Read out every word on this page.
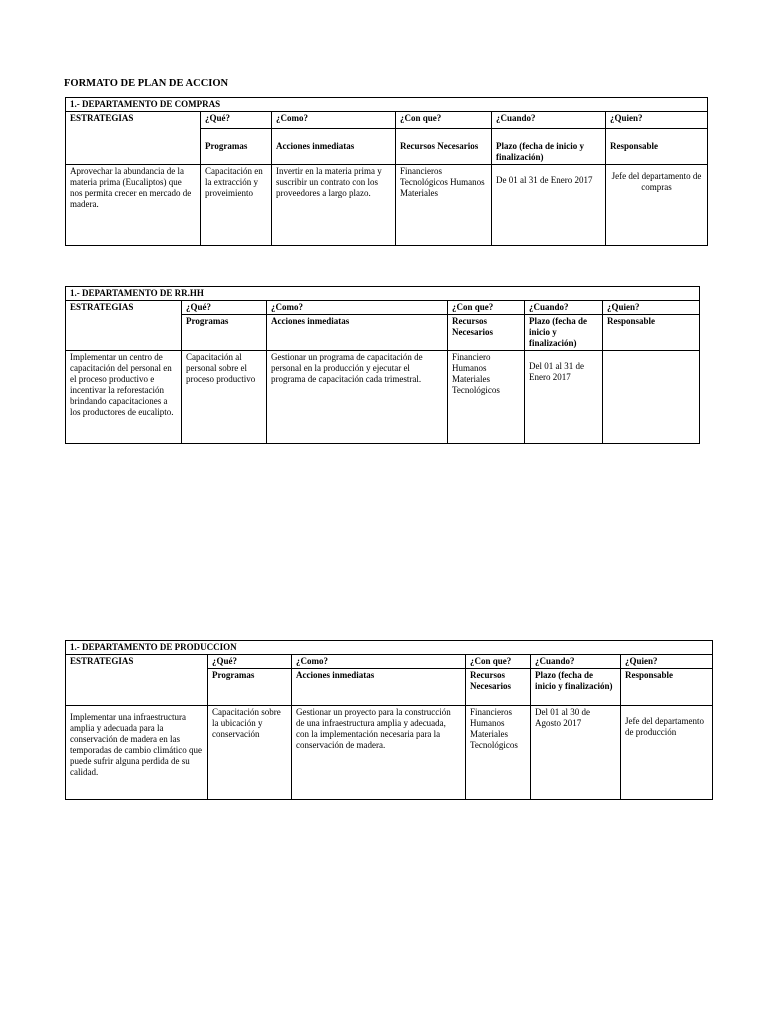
FORMATO DE PLAN DE ACCION
1.- DEPARTAMENTO DE COMPRAS					
ESTRATEGIAS	¿Qué?	¿Como?	¿Con que?	¿Cuando?	¿Quien?
	Programas	Acciones inmediatas	Recursos Necesarios	Plazo (fecha de inicio y finalización)	Responsable
Aprovechar la abundancia de la materia prima (Eucaliptos) que nos permita crecer en mercado de madera.	Capacitación en la extracción y proveimiento	Invertir en la materia prima y suscribir un contrato con los proveedores a largo plazo.	Financieros Tecnológicos Humanos Materiales	De 01 al 31 de Enero 2017	Jefe del departamento de compras
1.- DEPARTAMENTO DE RR.HH					
ESTRATEGIAS	¿Qué?	¿Como?	¿Con que?	¿Cuando?	¿Quien?
	Programas	Acciones inmediatas	Recursos Necesarios	Plazo (fecha de inicio y finalización)	Responsable
Implementar un centro de capacitación del personal en el proceso productivo e incentivar la reforestación brindando capacitaciones a los productores de eucalipto.	Capacitación al personal sobre el proceso productivo	Gestionar un programa de capacitación de personal en la producción y ejecutar el programa de capacitación cada trimestral.	Financiero Humanos Materiales Tecnológicos	Del 01 al 31 de Enero 2017	
1.- DEPARTAMENTO DE PRODUCCION					
ESTRATEGIAS	¿Qué?	¿Como?	¿Con que?	¿Cuando?	¿Quien?
	Programas	Acciones inmediatas	Recursos Necesarios	Plazo (fecha de inicio y finalización)	Responsable
Implementar una infraestructura amplia y adecuada para la conservación de madera en las temporadas de cambio climático que puede sufrir alguna perdida de su calidad.	Capacitación sobre la ubicación y conservación	Gestionar un proyecto para la construcción de una infraestructura amplia y adecuada, con la implementación necesaria para la conservación de madera.	Financieros Humanos Materiales Tecnológicos	Del 01 al 30 de Agosto 2017	Jefe del departamento de producción
